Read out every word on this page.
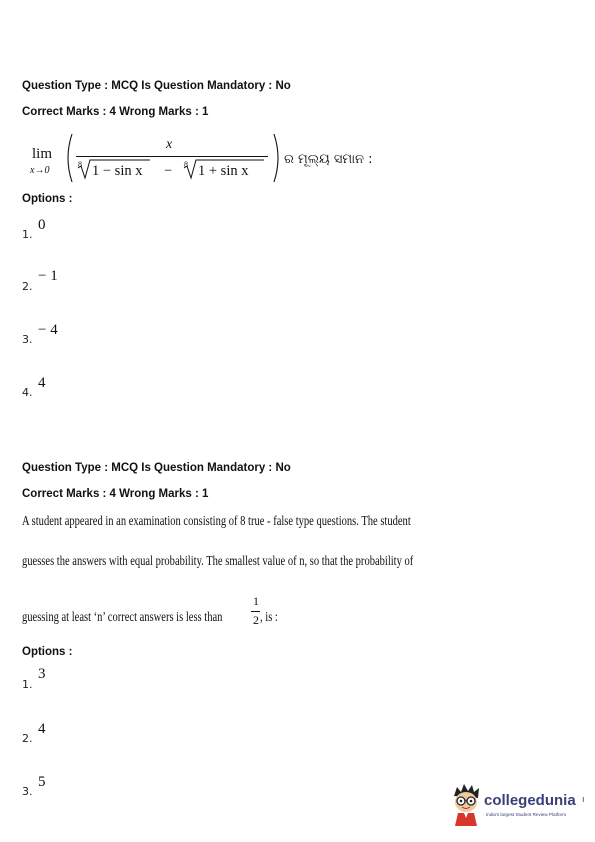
Question Type : MCQ Is Question Mandatory : No
Correct Marks : 4 Wrong Marks : 1
lim
x→0
x
8 1 − sin x − 8 1 + sin x
ର ମୂଲ୍ୟ ସମାନ :
Options :
1.
0
2.
− 1
3.
− 4
4.
4
Question Type : MCQ Is Question Mandatory : No
Correct Marks : 4 Wrong Marks : 1
A student appeared in an examination consisting of 8 true - false type questions. The student
guesses the answers with equal probability. The smallest value of n, so that the probability of
guessing at least ‘n’ correct answers is less than
1
2 , is :
Options :
1.
3
2.
4
3.
5
collegedunia ı
India's largest Student Review Platform
